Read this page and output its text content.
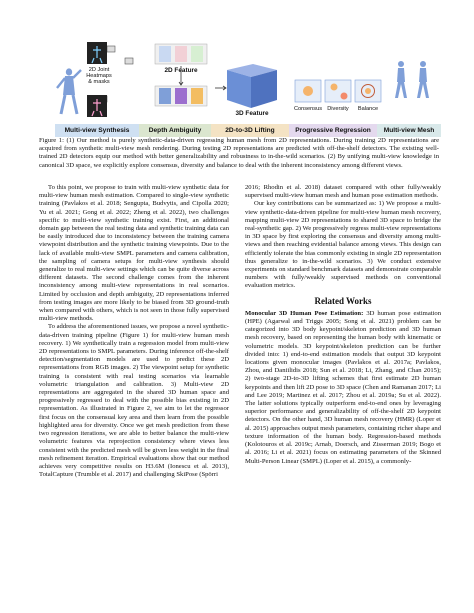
2D Joint
Heatmaps
& masks
2D Feature
3D Feature
Consensus Diversity	Balance
Multi-view Synthesis	Depth Ambiguity	2D-to-3D Lifting	Progressive Regression	Multi-view Mesh
Figure 1: (1) Our method is purely synthetic-data-driven regressing human mesh from 2D representations. During training 2D representations are acquired from synthetic multi-view mesh rendering. During testing 2D representations are predicted with off-the-shelf detectors. The existing well-trained 2D detectors equip our method with better generalizability and robustness to in-the-wild scenarios. (2) By unifying multi-view knowledge in canonical 3D space, we explicitly explore consensus, diversity and balance to deal with the inherent inconsistency among different views.

To this point, we propose to train with multi-view synthetic data for multi-view human mesh estimation. Compared to single-view synthetic training (Pavlakos et al. 2018; Sengupta, Budvytis, and Cipolla 2020; Yu et al. 2021; Gong et al. 2022; Zheng et al. 2022), two challenges specific to multi-view synthetic training exist. First, an additional domain gap between the real testing data and synthetic training data can be easily introduced due to inconsistency between the training camera viewpoint distribution and the synthetic training viewpoints. Due to the lack of available multi-view SMPL parameters and camera calibration, the sampling of camera setups for multi-view synthesis should generalize to real multi-view settings which can be quite diverse across different datasets. The second challenge comes from the inherent inconsistency among multi-view representations in real scenarios. Limited by occlusion and depth ambiguity, 2D representations inferred from testing images are more likely to be biased from 3D ground-truth when compared with others, which is not seen in those fully supervised multi-view methods.

To address the aforementioned issues, we propose a novel synthetic-data-driven training pipeline (Figure 1) for multi-view human mesh recovery. 1) We synthetically train a regression model from multi-view 2D representations to SMPL parameters. During inference off-the-shelf detection/segmentation models are used to predict these 2D representations from RGB images. 2) The viewpoint setup for synthetic training is consistent with real testing scenarios via learnable volumetric triangulation and calibration. 3) Multi-view 2D representations are aggregated in the shared 3D human space and progressively regressed to deal with the possible bias existing in 2D representation. As illustrated in Figure 2, we aim to let the regressor first focus on the consensual key area and then learn from the possible highlighted area for diversity. Once we get mesh prediction from these two regression iterations, we are able to better balance the multi-view volumetric features via reprojection consistency where views less consistent with the predicted mesh will be given less weight in the final mesh refinement iteration. Empirical evaluations show that our method achieves very competitive results on H3.6M (Ionescu et al. 2013), TotalCapture (Trumble et al. 2017) and challenging SkiPose (Spörri

2016; Rhodin et al. 2018) dataset compared with other fully/weakly supervised multi-view human mesh and human pose estimation methods.

Our key contributions can be summarized as: 1) We propose a multi-view synthetic-data-driven pipeline for multi-view human mesh recovery, mapping multi-view 2D representations to shared 3D space to bridge the real-synthetic gap. 2) We progressively regress multi-view representations in 3D space by first exploring the consensus and diversity among multi-views and then reaching evidential balance among views. This design can efficiently tolerate the bias commonly existing in single 2D representation thus generalize to in-the-wild scenarios. 3) We conduct extensive experiments on standard benchmark datasets and demonstrate comparable numbers with fully/weakly supervised methods on conventional evaluation metrics.

Related Works

Monocular 3D Human Pose Estimation: 3D human pose estimation (HPE) (Agarwal and Triggs 2005; Song et al. 2021) problem can be categorized into 3D body keypoint/skeleton prediction and 3D human mesh recovery, based on representing the human body with kinematic or volumetric models. 3D keypoint/skeleton prediction can be further divided into: 1) end-to-end estimation models that output 3D keypoint locations given monocular images (Pavlakos et al. 2017a; Pavlakos, Zhou, and Daniilidis 2018; Sun et al. 2018; Li, Zhang, and Chan 2015); 2) two-stage 2D-to-3D lifting schemes that first estimate 2D human keypoints and then lift 2D pose to 3D space (Chen and Ramanan 2017; Li and Lee 2019; Martinez et al. 2017; Zhou et al. 2019a; Su et al. 2022). The latter solutions typically outperform end-to-end ones by leveraging superior performance and generalizability of off-the-shelf 2D keypoint detectors. On the other hand, 3D human mesh recovery (HMR) (Loper et al. 2015) approaches output mesh parameters, containing richer shape and texture information of the human body. Regression-based methods (Kolotouros et al. 2019c; Arnab, Doersch, and Zisserman 2019; Bogo et al. 2016; Li et al. 2021) focus on estimating parameters of the Skinned Multi-Person Linear (SMPL) (Loper et al. 2015), a commonly-
